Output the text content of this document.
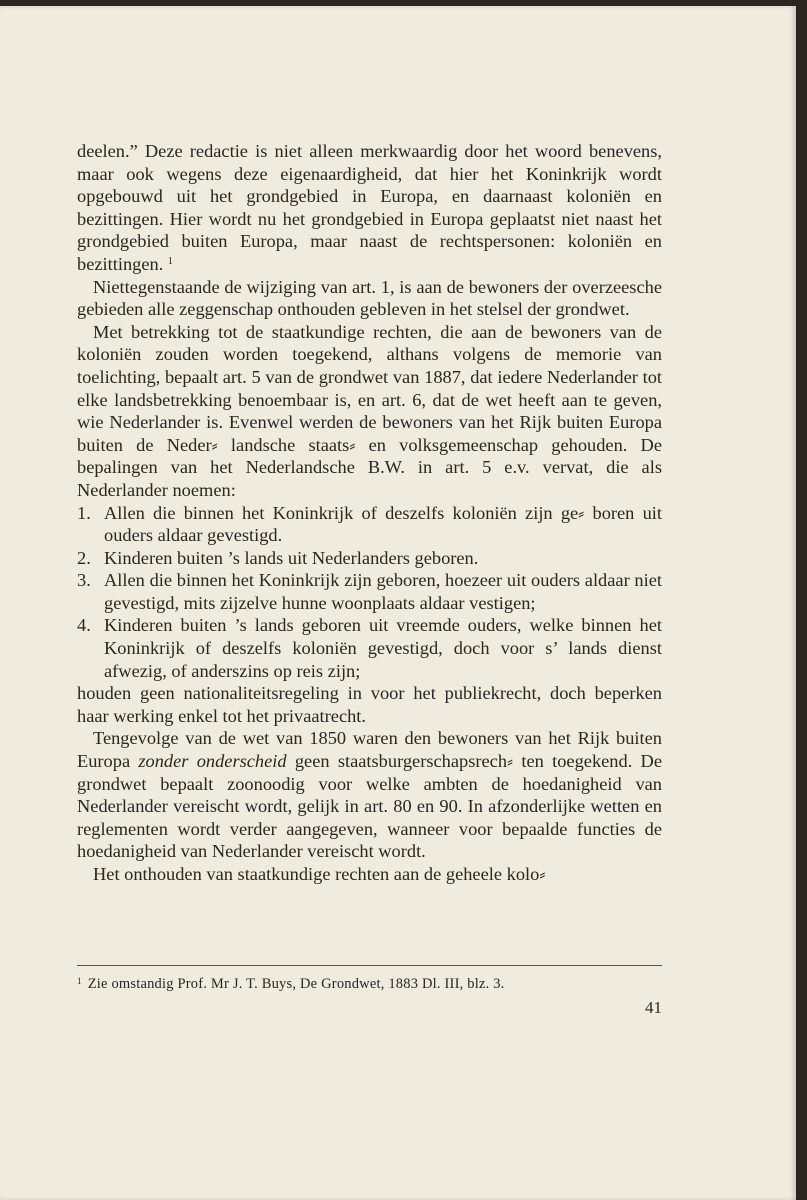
deelen.” Deze redactie is niet alleen merkwaardig door het woord benevens, maar ook wegens deze eigenaardigheid, dat hier het Koninkrijk wordt opgebouwd uit het grondgebied in Europa, en daarnaast koloniën en bezittingen. Hier wordt nu het grondgebied in Europa geplaatst niet naast het grondgebied buiten Europa, maar naast de rechtspersonen: koloniën en bezittingen. $^1$

Niettegenstaande de wijziging van art. 1, is aan de bewoners der overzeesche gebieden alle zeggenschap onthouden gebleven in het stelsel der grondwet.

Met betrekking tot de staatkundige rechten, die aan de bewoners van de koloniën zouden worden toegekend, althans volgens de memorie van toelichting, bepaalt art. 5 van de grondwet van 1887, dat iedere Nederlander tot elke landsbetrekking benoembaar is, en art. 6, dat de wet heeft aan te geven, wie Nederlander is. Evenwel werden de bewoners van het Rijk buiten Europa buiten de Neder⸗ landsche staats⸗ en volksgemeenschap gehouden. De bepalingen van het Nederlandsche B.W. in art. 5 e.v. vervat, die als Nederlander noemen:

1. Allen die binnen het Koninkrijk of deszelfs koloniën zijn ge⸗ boren uit ouders aldaar gevestigd.
2. Kinderen buiten ’s lands uit Nederlanders geboren.
3. Allen die binnen het Koninkrijk zijn geboren, hoezeer uit ouders aldaar niet gevestigd, mits zijzelve hunne woonplaats aldaar vestigen;
4. Kinderen buiten ’s lands geboren uit vreemde ouders, welke binnen het Koninkrijk of deszelfs koloniën gevestigd, doch voor s’ lands dienst afwezig, of anderszins op reis zijn;

houden geen nationaliteitsregeling in voor het publiekrecht, doch beperken haar werking enkel tot het privaatrecht.

Tengevolge van de wet van 1850 waren den bewoners van het Rijk buiten Europa zonder onderscheid geen staatsburgerschapsrech⸗ ten toegekend. De grondwet bepaalt zoonoodig voor welke ambten de hoedanigheid van Nederlander vereischt wordt, gelijk in art. 80 en 90. In afzonderlijke wetten en reglementen wordt verder aangegeven, wanneer voor bepaalde functies de hoedanigheid van Nederlander vereischt wordt.

Het onthouden van staatkundige rechten aan de geheele kolo⸗

$^1$ Zie omstandig Prof. Mr J. T. Buys, De Grondwet, 1883 Dl. III, blz. 3.
41
